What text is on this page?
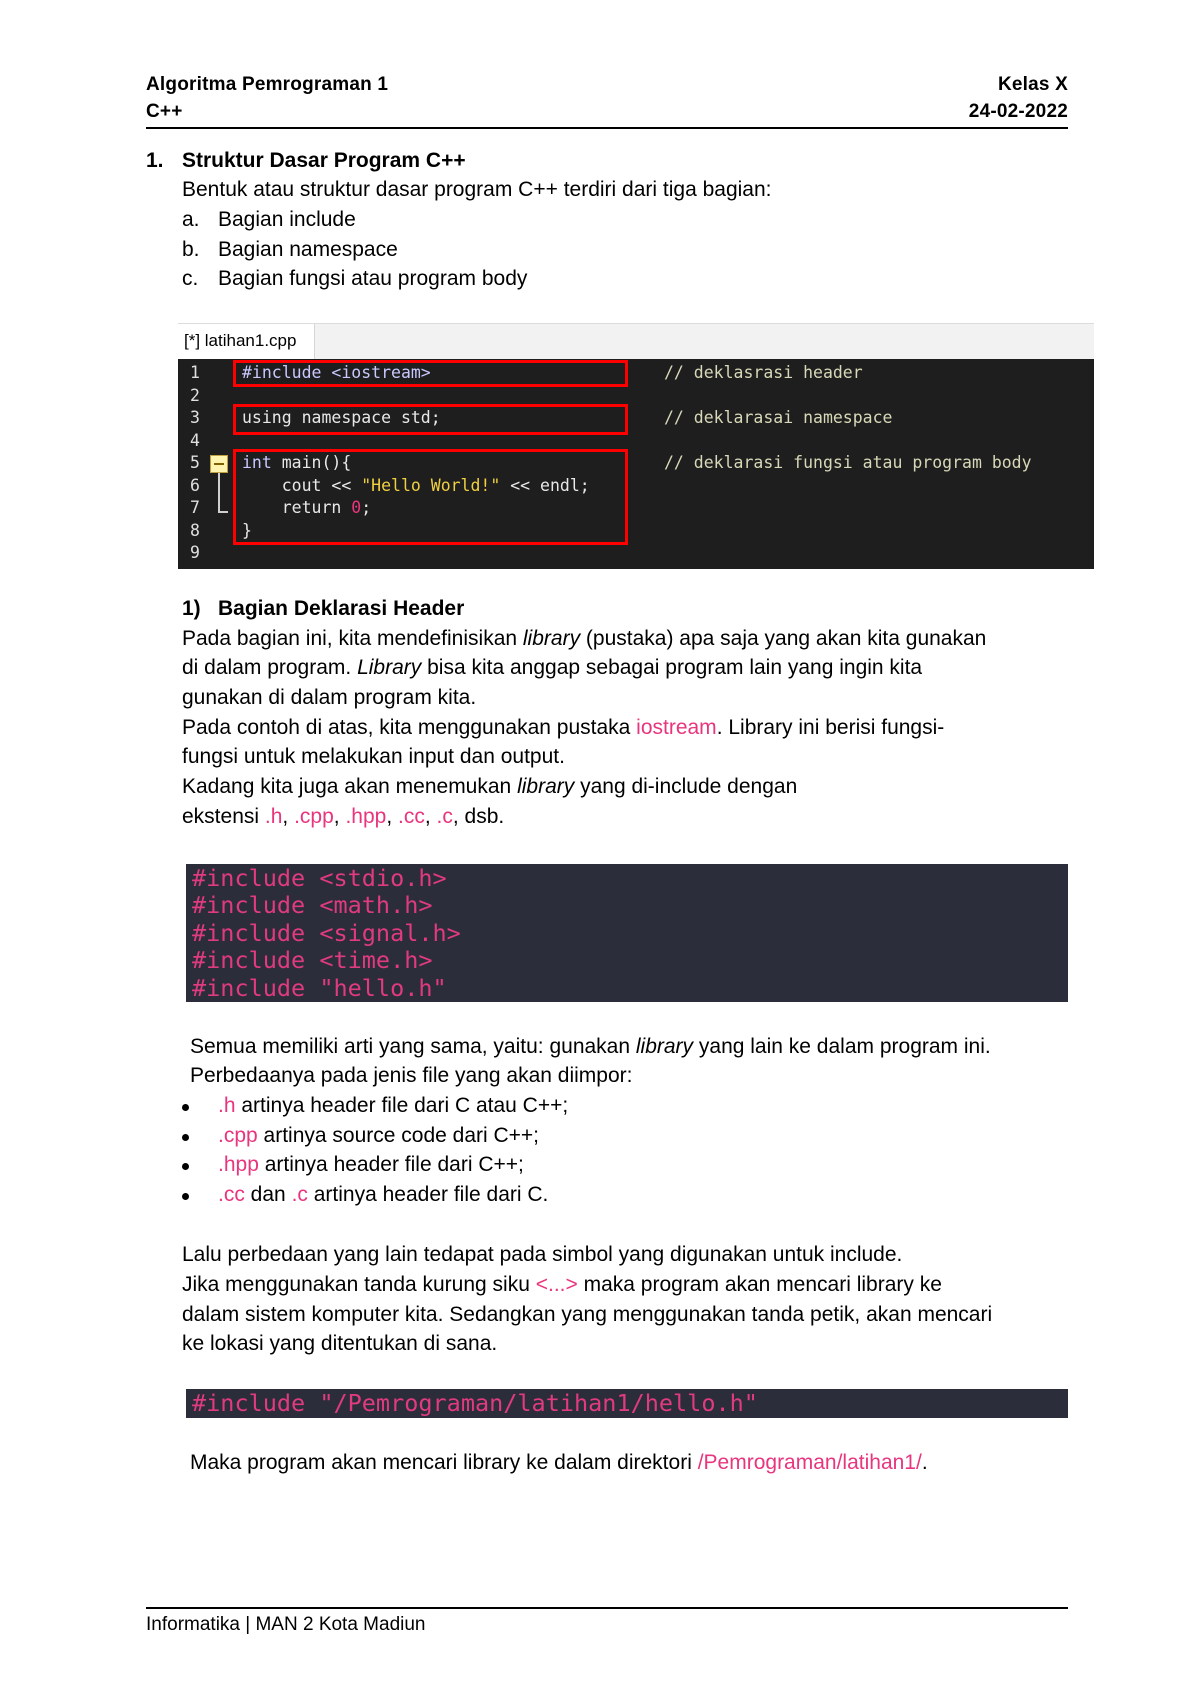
Algoritma Pemrograman 1
C++
Kelas X
24-02-2022
1. Struktur Dasar Program C++
Bentuk atau struktur dasar program C++ terdiri dari tiga bagian:
a. Bagian include
b. Bagian namespace
c. Bagian fungsi atau program body
[*] latihan1.cpp
1
2
3
4
5
6
7
8
9
#include <iostream>
using namespace std;
int main(){
cout << "Hello World!" << endl;
return 0;
}
// deklasrasi header
// deklarasai namespace
// deklarasi fungsi atau program body
1) Bagian Deklarasi Header
Pada bagian ini, kita mendefinisikan library (pustaka) apa saja yang akan kita gunakan
di dalam program. Library bisa kita anggap sebagai program lain yang ingin kita
gunakan di dalam program kita.
Pada contoh di atas, kita menggunakan pustaka iostream. Library ini berisi fungsi-
fungsi untuk melakukan input dan output.
Kadang kita juga akan menemukan library yang di-include dengan
ekstensi .h, .cpp, .hpp, .cc, .c, dsb.
#include <stdio.h>
#include <math.h>
#include <signal.h>
#include <time.h>
#include "hello.h"
Semua memiliki arti yang sama, yaitu: gunakan library yang lain ke dalam program ini.
Perbedaanya pada jenis file yang akan diimpor:
.h artinya header file dari C atau C++;
.cpp artinya source code dari C++;
.hpp artinya header file dari C++;
.cc dan .c artinya header file dari C.
Lalu perbedaan yang lain tedapat pada simbol yang digunakan untuk include.
Jika menggunakan tanda kurung siku <...> maka program akan mencari library ke
dalam sistem komputer kita. Sedangkan yang menggunakan tanda petik, akan mencari
ke lokasi yang ditentukan di sana.
#include "/Pemrograman/latihan1/hello.h"
Maka program akan mencari library ke dalam direktori /Pemrograman/latihan1/.
Informatika | MAN 2 Kota Madiun
